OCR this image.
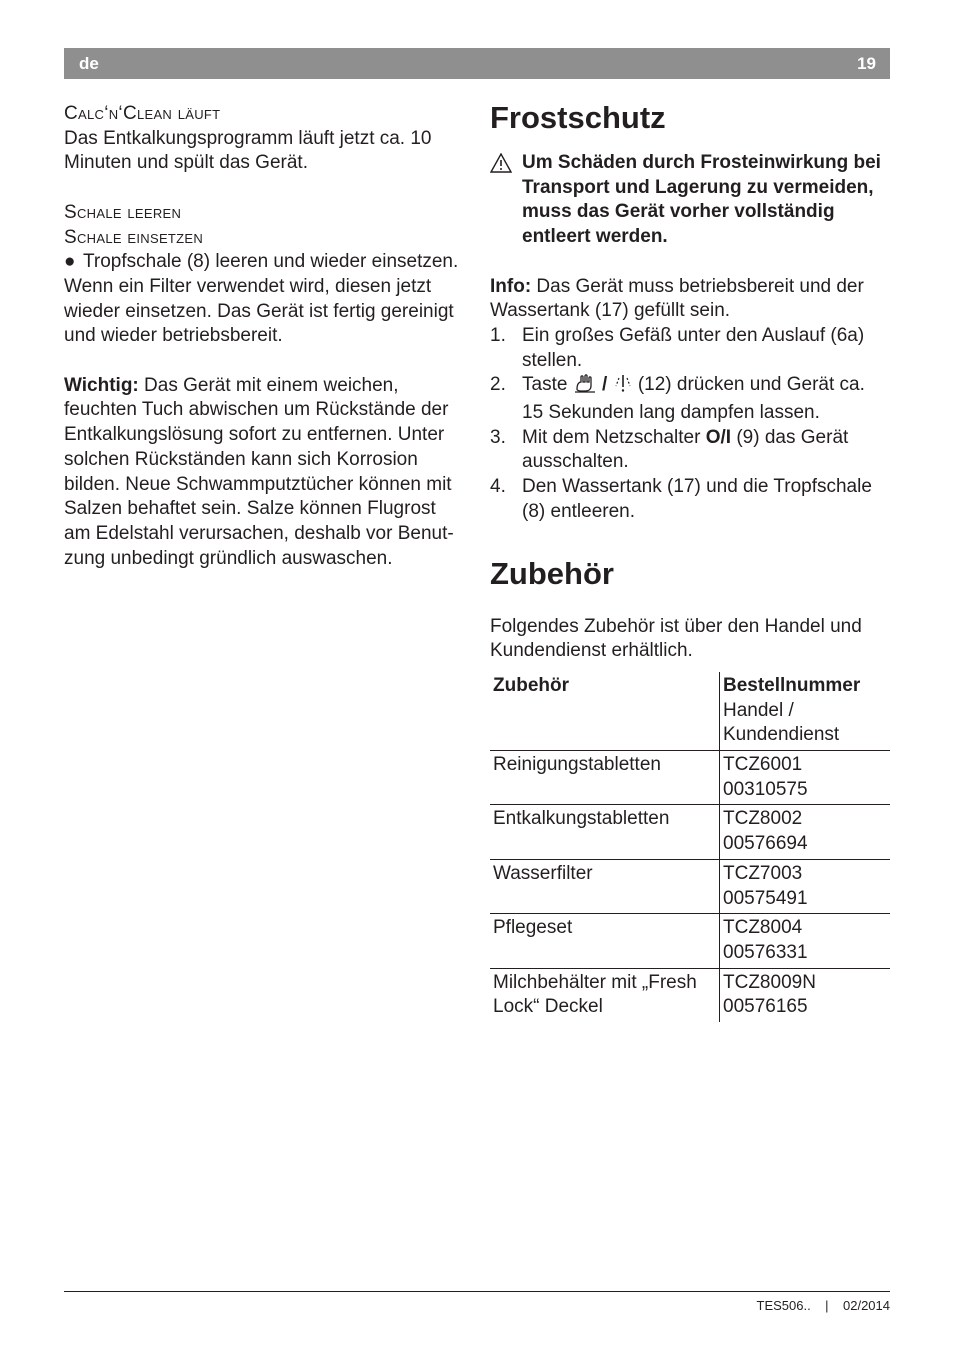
de	19

Calc‘n‘Clean läuft

Das Entkalkungsprogramm läuft jetzt ca. 10 Minuten und spült das Gerät.

Schale leeren

Schale einsetzen

● Tropfschale (8) leeren und wieder einsetzen.

Wenn ein Filter verwendet wird, diesen jetzt wieder einsetzen. Das Gerät ist fertig gereinigt und wieder betriebsbereit.

Wichtig: Das Gerät mit einem weichen, feuchten Tuch abwischen um Rückstände der Entkalkungslösung sofort zu entfernen. Unter solchen Rückständen kann sich Korrosion bilden. Neue Schwammputztücher können mit Salzen behaftet sein. Salze können Flugrost am Edelstahl verursachen, deshalb vor Benutzung unbedingt gründlich auswaschen.

Frostschutz

Um Schäden durch Frosteinwirkung bei Transport und Lagerung zu vermeiden, muss das Gerät vorher vollständig entleert werden.

Info: Das Gerät muss betriebsbereit und der Wassertank (17) gefüllt sein.

1. Ein großes Gefäß unter den Auslauf (6a) stellen.
2. Taste  /  (12) drücken und Gerät ca. 15 Sekunden lang dampfen lassen.
3. Mit dem Netzschalter O/I (9) das Gerät ausschalten.
4. Den Wassertank (17) und die Tropfschale (8) entleeren.
Zubehör

Folgendes Zubehör ist über den Handel und Kundendienst erhältlich.

Zubehör	Bestellnummer
Handel / Kundendienst
Reinigungstabletten	TCZ6001
00310575
Entkalkungstabletten	TCZ8002
00576694
Wasserfilter	TCZ7003
00575491
Pflegeset	TCZ8004
00576331
Milchbehälter mit „Fresh Lock“ Deckel	TCZ8009N
00576165
TES506.. | 02/2014
